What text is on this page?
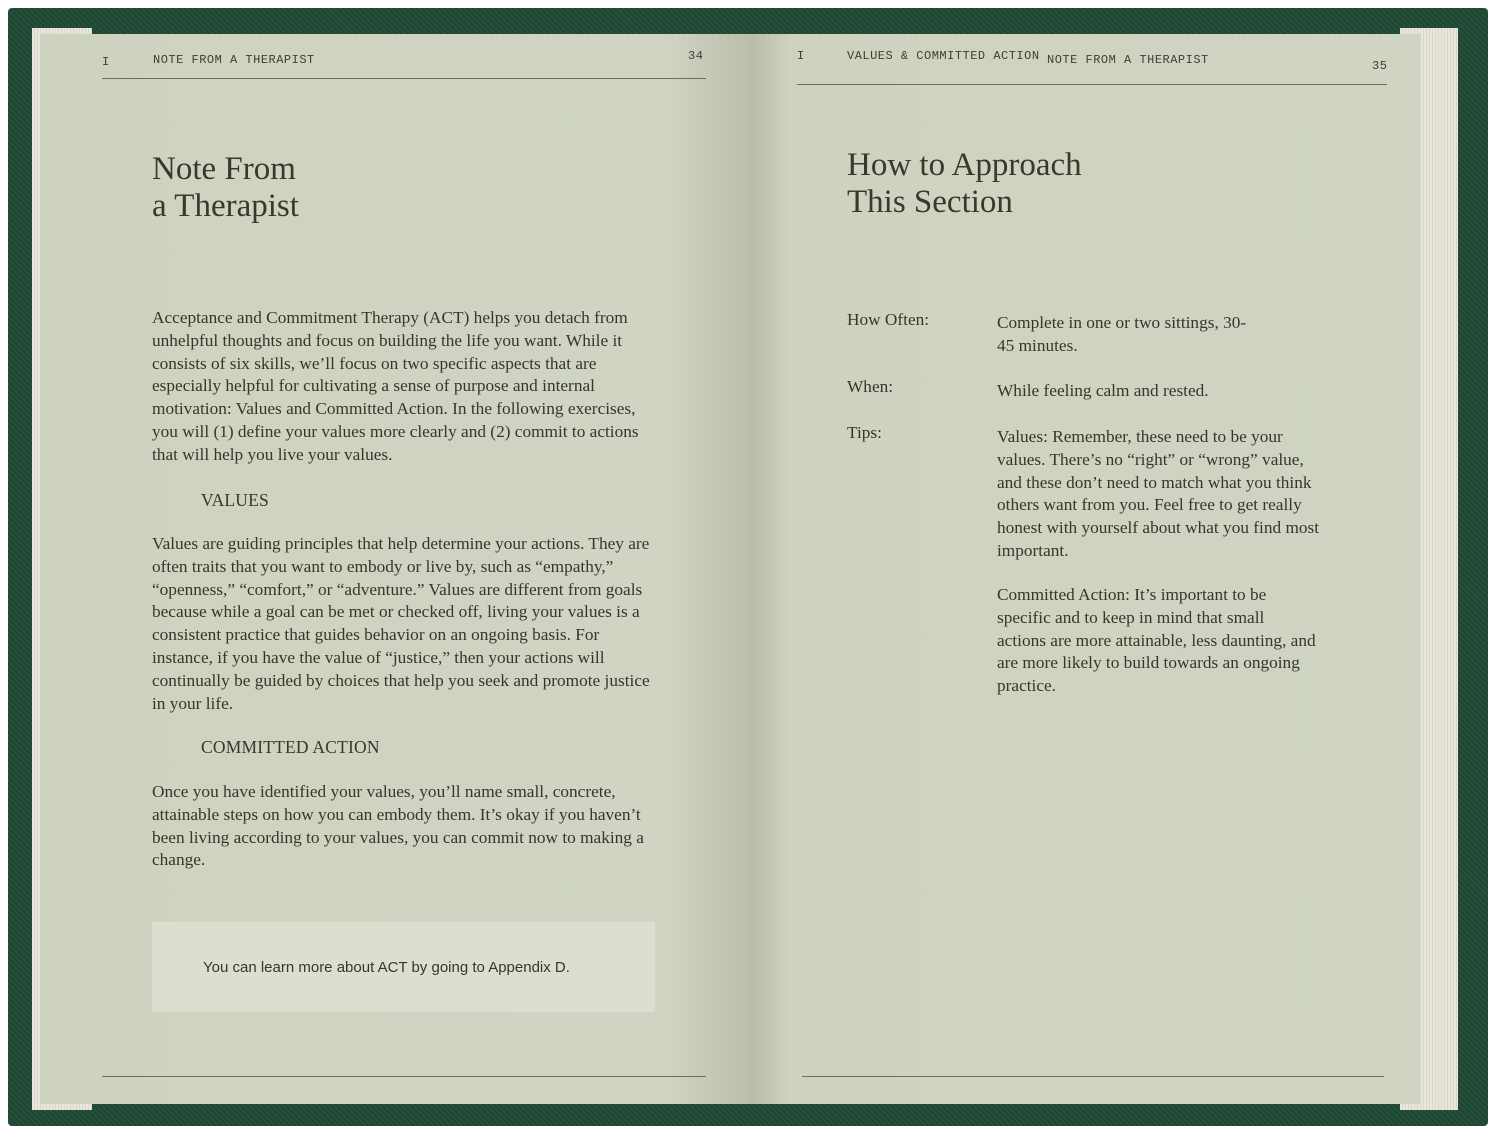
I	NOTE FROM A THERAPIST	34
Note From
a Therapist
Acceptance and Commitment Therapy (ACT) helps you detach from unhelpful thoughts and focus on building the life you want. While it consists of six skills, we’ll focus on two specific aspects that are especially helpful for cultivating a sense of purpose and internal motivation: Values and Committed Action. In the following exercises, you will (1) define your values more clearly and (2) commit to actions that will help you live your values.
VALUES
Values are guiding principles that help determine your actions. They are often traits that you want to embody or live by, such as “empathy,” “openness,” “comfort,” or “adventure.” Values are different from goals because while a goal can be met or checked off, living your values is a consistent practice that guides behavior on an ongoing basis. For instance, if you have the value of “justice,” then your actions will continually be guided by choices that help you seek and promote justice in your life.
COMMITTED ACTION
Once you have identified your values, you’ll name small, concrete, attainable steps on how you can embody them. It’s okay if you haven’t been living according to your values, you can commit now to making a change.
You can learn more about ACT by going to Appendix D.
I	VALUES & COMMITTED ACTION NOTE FROM A THERAPIST	35
How to Approach
This Section
How Often:	Complete in one or two sittings, 30-45 minutes.
When:	While feeling calm and rested.
Tips:	Values: Remember, these need to be your values. There’s no “right” or “wrong” value, and these don’t need to match what you think others want from you. Feel free to get really honest with yourself about what you find most important.
Committed Action: It’s important to be specific and to keep in mind that small actions are more attainable, less daunting, and are more likely to build towards an ongoing practice.
